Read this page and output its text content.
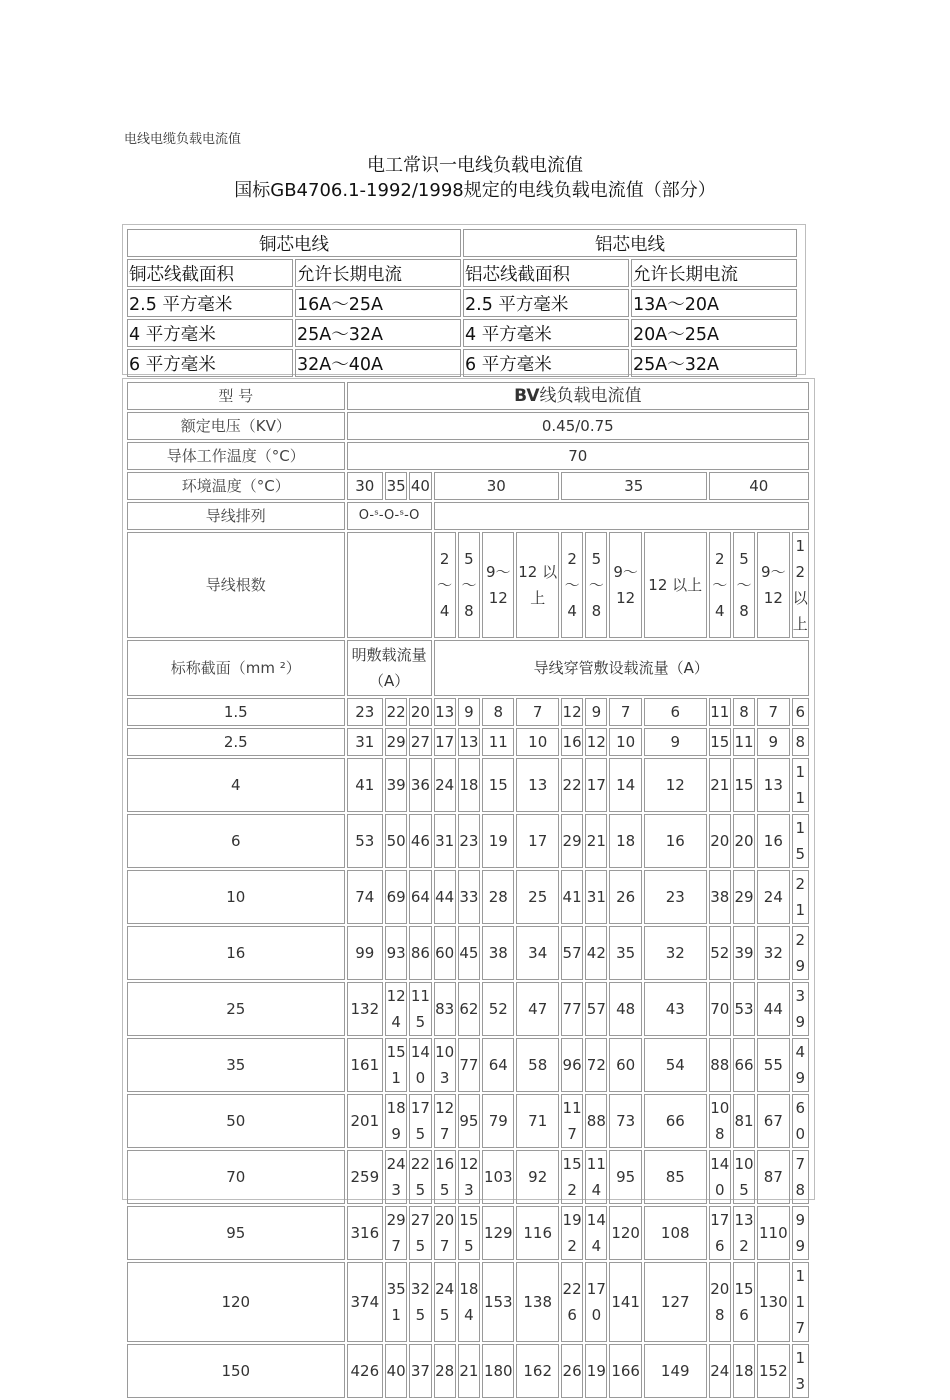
电线电缆负载电流值
电工常识一电线负载电流值
国标GB4706.1-1992/1998规定的电线负载电流值（部分）
铜芯电线		铝芯电线	
铜芯线截面积	允许长期电流	铝芯线截面积	允许长期电流
2.5 平方毫米	16A～25A	2.5 平方毫米	13A～20A
4 平方毫米	25A～32A	4 平方毫米	20A～25A
6 平方毫米	32A～40A	6 平方毫米	25A～32A
型 号	BV线负载电流值														
额定电压（KV）	0.45/0.75														
导体工作温度（°C）	70														
环境温度（°C）	30	35	40	30				35				40			
导线排列	O-ˢ-O-ˢ-O														
导线根数				2～4	5～8	9～12	12 以上	2～4	5～8	9～12	12 以上	2～4	5～8	9～12	12 以上
标称截面（mm ²）	明敷载流量（A）			导线穿管敷设载流量（A）											
1.5	23	22	20	13	9	8	7	12	9	7	6	11	8	7	6
2.5	31	29	27	17	13	11	10	16	12	10	9	15	11	9	8
4	41	39	36	24	18	15	13	22	17	14	12	21	15	13	11
6	53	50	46	31	23	19	17	29	21	18	16	20	20	16	15
10	74	69	64	44	33	28	25	41	31	26	23	38	29	24	21
16	99	93	86	60	45	38	34	57	42	35	32	52	39	32	29
25	132	124	115	83	62	52	47	77	57	48	43	70	53	44	39
35	161	151	140	103	77	64	58	96	72	60	54	88	66	55	49
50	201	189	175	127	95	79	71	117	88	73	66	108	81	67	60
70	259	243	225	165	123	103	92	152	114	95	85	140	105	87	78
95	316	297	275	207	155	129	116	192	144	120	108	176	132	110	99
120	374	351	325	245	184	153	138	226	170	141	127	208	156	130	117
150	426	40	37	28	21	180	162	26	19	166	149	24	18	152	13
